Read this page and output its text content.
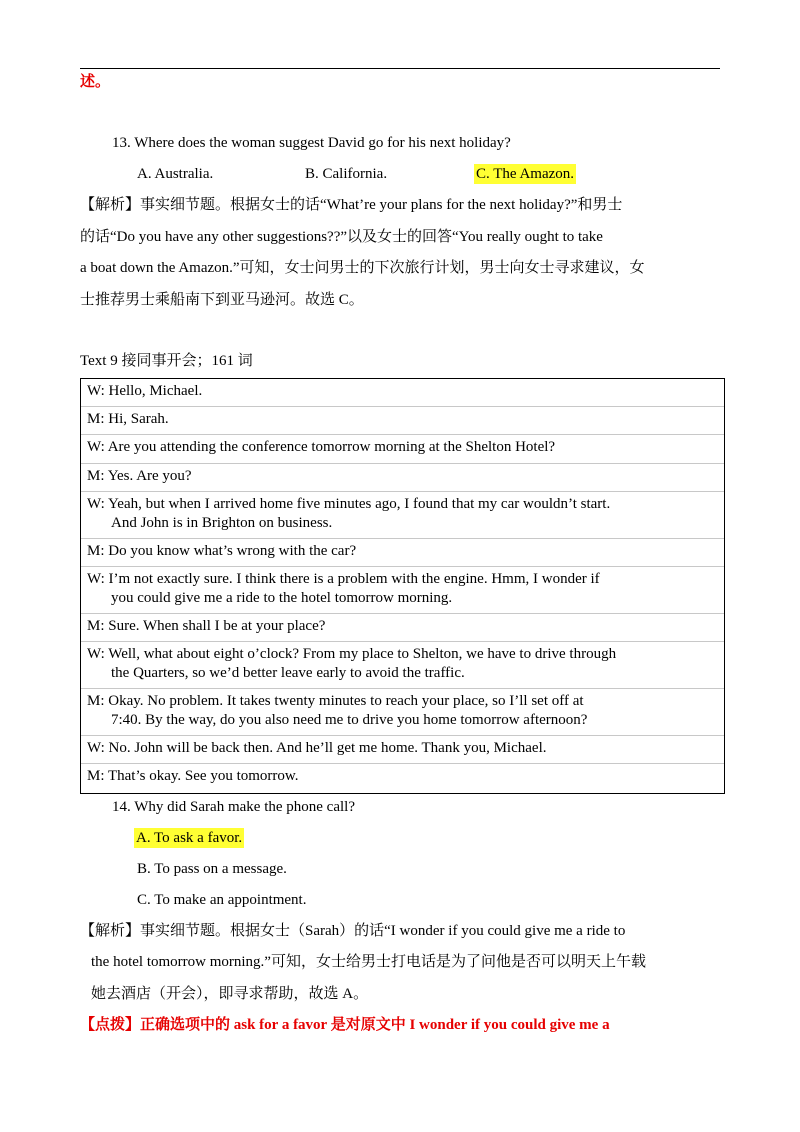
述。
13. Where does the woman suggest David go for his next holiday?
A. Australia.	B. California.	C. The Amazon.
【解析】事实细节题。根据女士的话“What’re your plans for the next holiday?”和男士
的话“Do you have any other suggestions??”以及女士的回答“You really ought to take
a boat down the Amazon.”可知，女士问男士的下次旅行计划，男士向女士寻求建议，女
士推荐男士乘船南下到亚马逊河。故选 C。
Text 9 接同事开会；161 词
W: Hello, Michael.
M: Hi, Sarah.
W: Are you attending the conference tomorrow morning at the Shelton Hotel?
M: Yes. Are you?
W: Yeah, but when I arrived home five minutes ago, I found that my car wouldn’t start.
And John is in Brighton on business.
M: Do you know what’s wrong with the car?
W: I’m not exactly sure. I think there is a problem with the engine. Hmm, I wonder if
you could give me a ride to the hotel tomorrow morning.
M: Sure. When shall I be at your place?
W: Well, what about eight o’clock? From my place to Shelton, we have to drive through
the Quarters, so we’d better leave early to avoid the traffic.
M: Okay. No problem. It takes twenty minutes to reach your place, so I’ll set off at
7:40. By the way, do you also need me to drive you home tomorrow afternoon?
W: No. John will be back then. And he’ll get me home. Thank you, Michael.
M: That’s okay. See you tomorrow.
14. Why did Sarah make the phone call?
A. To ask a favor.
B. To pass on a message.
C. To make an appointment.
【解析】事实细节题。根据女士（Sarah）的话“I wonder if you could give me a ride to
the hotel tomorrow morning.”可知，女士给男士打电话是为了问他是否可以明天上午载
她去酒店（开会），即寻求帮助，故选 A。
【点拨】正确选项中的 ask for a favor 是对原文中 I wonder if you could give me a
